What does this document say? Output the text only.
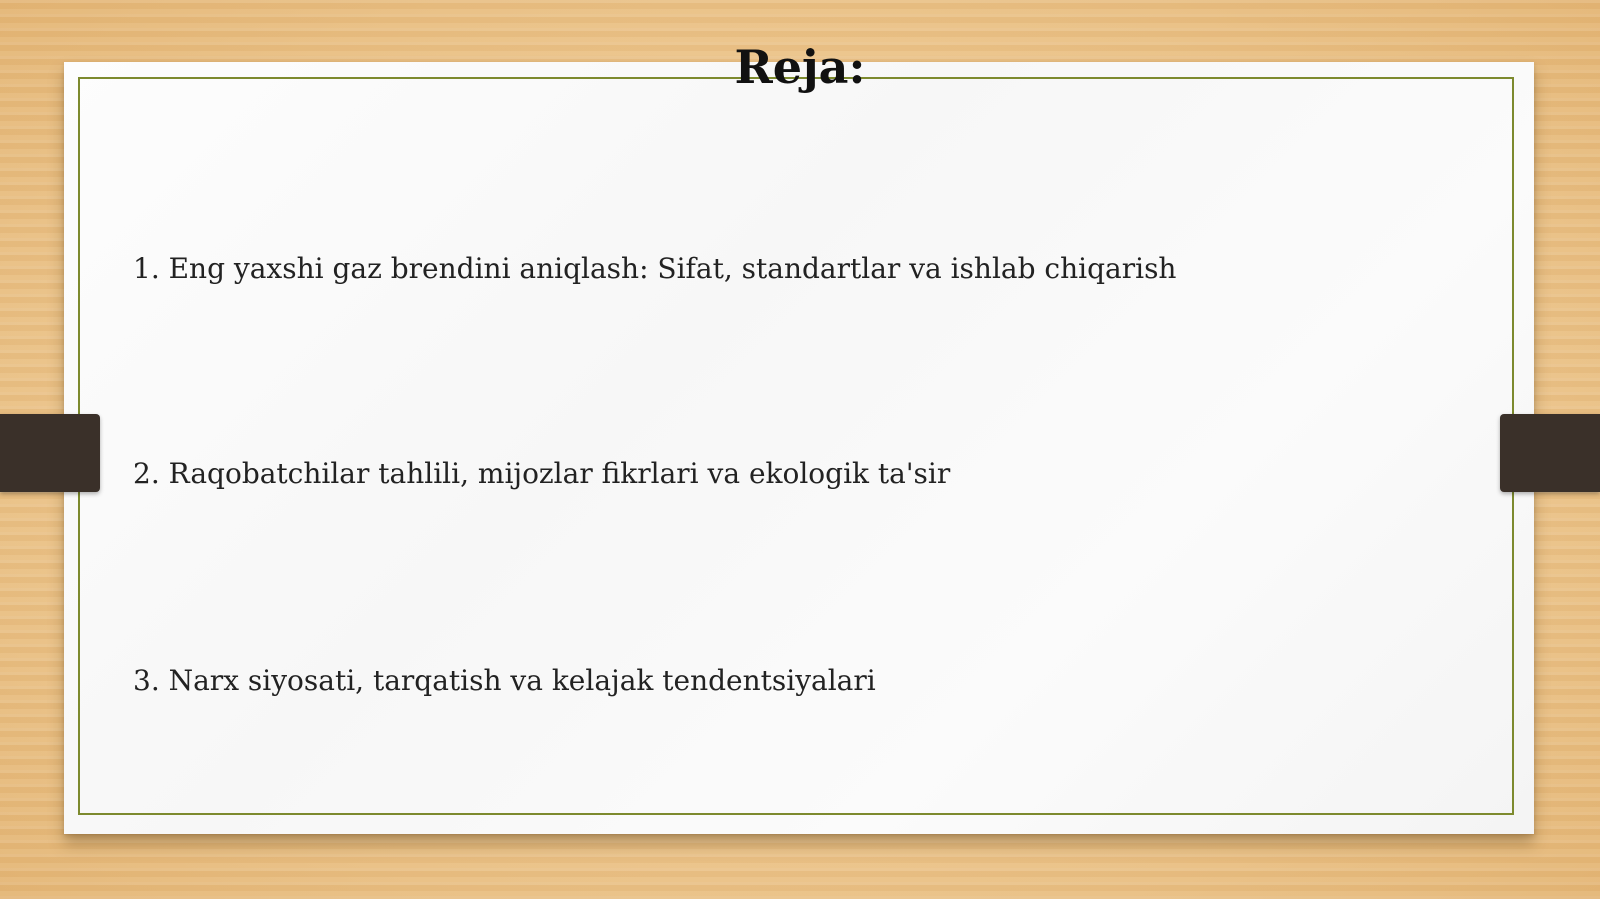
Reja:
1. Eng yaxshi gaz brendini aniqlash: Sifat, standartlar va ishlab chiqarish
2. Raqobatchilar tahlili, mijozlar fikrlari va ekologik ta'sir
3. Narx siyosati, tarqatish va kelajak tendentsiyalari
